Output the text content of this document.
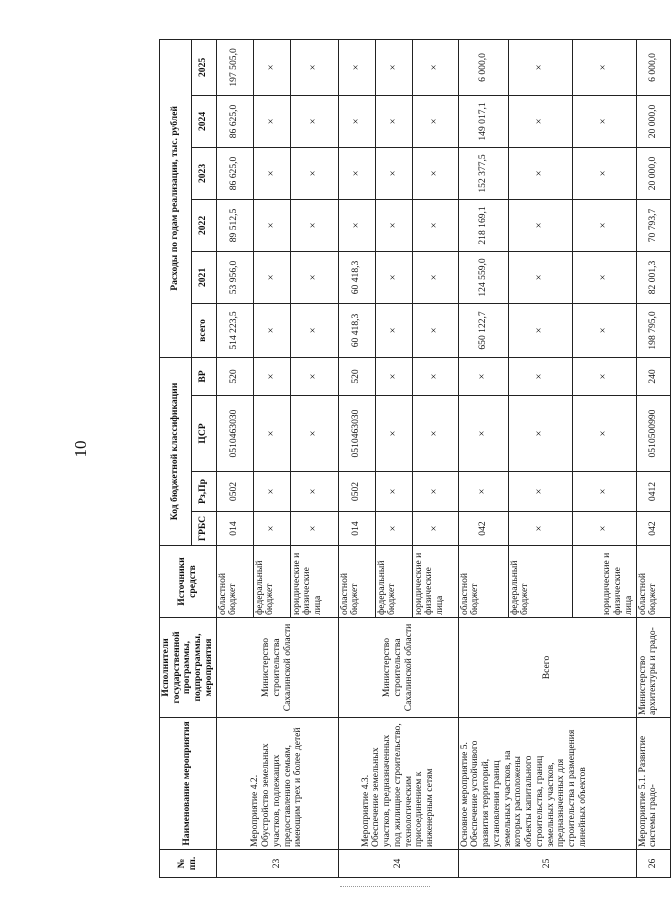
10
№ пп.	Наименование мероприятия	Исполнители государственной программы, подпрограммы, мероприятия	Источники средств	Код бюджетной классификации				Расходы по годам реализации, тыс. рублей					
				ГРБС	Рз,Пр	ЦСР	ВР	всего	2021	2022	2023	2024	2025
23	Мероприятие 4.2. Обустройство земельных участков, подлежащих предоставлению семьям, имеющим трех и более детей	Министерство строительства Сахалинской области	областной бюджет	014	0502	0510463030	520	514 223,5	53 956,0	89 512,5	86 625,0	86 625,0	197 505,0
			федеральный бюджет	×	×	×	×	×	×	×	×	×	×
			юридические и физические лица	×	×	×	×	×	×	×	×	×	×
24	Мероприятие 4.3. Обеспечение земельных участков, предназначенных под жилищное строительство, технологическим присоединением к инженерным сетям	Министерство строительства Сахалинской области	областной бюджет	014	0502	0510463030	520	60 418,3	60 418,3	×	×	×	×
			федеральный бюджет	×	×	×	×	×	×	×	×	×	×
			юридические и физические лица	×	×	×	×	×	×	×	×	×	×
25	Основное мероприятие 5. Обеспечение устойчивого развития территорий, установления границ земельных участков, на которых расположены объекты капитального строительства, границ земельных участков, предназначенных для строительства и размещения линейных объектов	Всего	областной бюджет	042	×	×	×	650 122,7	124 559,0	218 169,1	152 377,5	149 017,1	6 000,0
			федеральный бюджет	×	×	×	×	×	×	×	×	×	×
			юридические и физические лица	×	×	×	×	×	×	×	×	×	×
26	Мероприятие 5.1. Развитие системы градо-	Министерство архитектуры и градо-	областной бюджет	042	0412	0510500990	240	198 795,0	82 001,3	70 793,7	20 000,0	20 000,0	6 000,0
